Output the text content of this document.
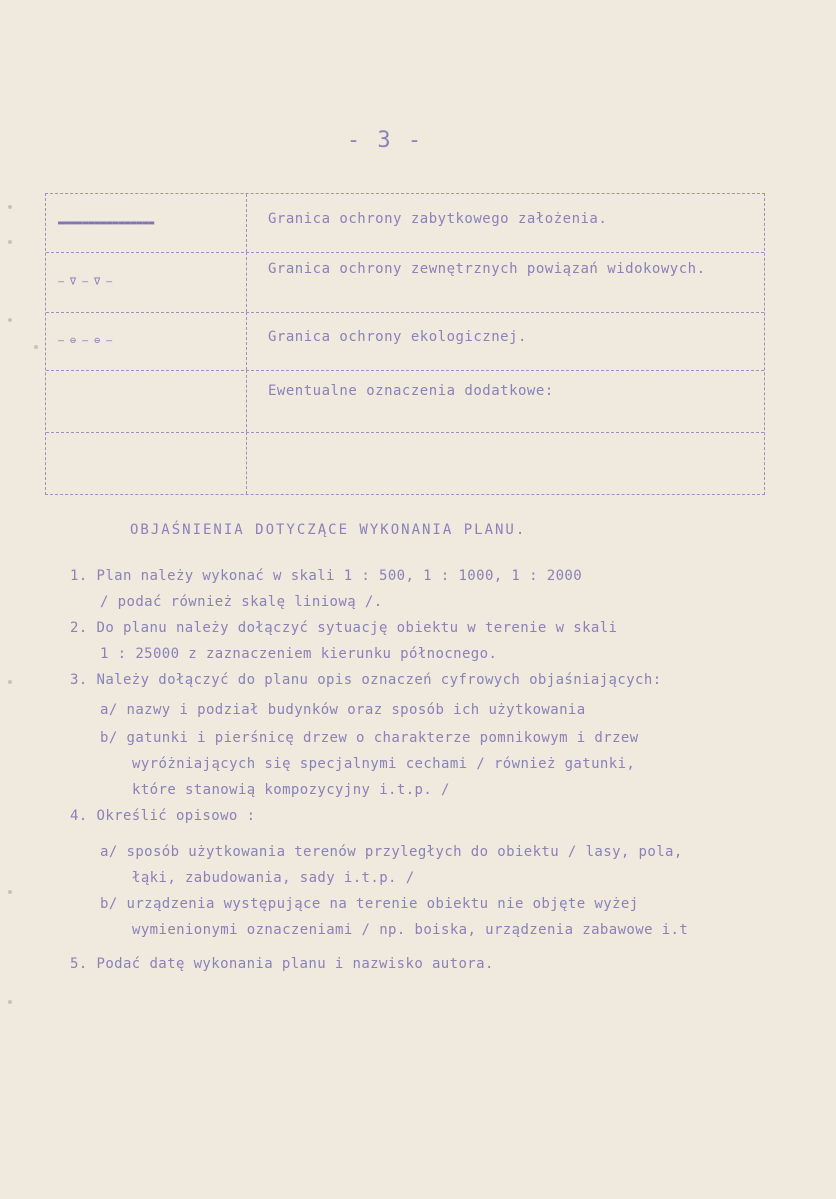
- 3 -
▬▬▬▬▬▬▬▬▬▬▬▬▬▬▬▬	Granica ochrony zabytkowego założenia.
— ∇ — ∇ —
Granica ochrony zewnętrznych powiązań widokowych.
— ⊖ — ⊖ —	Granica ochrony ekologicznej.
Ewentualne oznaczenia dodatkowe:
OBJAŚNIENIA DOTYCZĄCE WYKONANIA PLANU.
1. Plan należy wykonać w skali 1 : 500, 1 : 1000, 1 : 2000
/ podać również skalę liniową /.
2. Do planu należy dołączyć sytuację obiektu w terenie w skali
1 : 25000 z zaznaczeniem kierunku północnego.
3. Należy dołączyć do planu opis oznaczeń cyfrowych objaśniających:
a/ nazwy i podział budynków oraz sposób ich użytkowania
b/ gatunki i pierśnicę drzew o charakterze pomnikowym i drzew
wyróżniających się specjalnymi cechami / również gatunki,
które stanowią kompozycyjny i.t.p. /
4. Określić opisowo :
a/ sposób użytkowania terenów przyległych do obiektu / lasy, pola,
łąki, zabudowania, sady i.t.p. /
b/ urządzenia występujące na terenie obiektu nie objęte wyżej
wymienionymi oznaczeniami / np. boiska, urządzenia zabawowe i.t
5. Podać datę wykonania planu i nazwisko autora.
